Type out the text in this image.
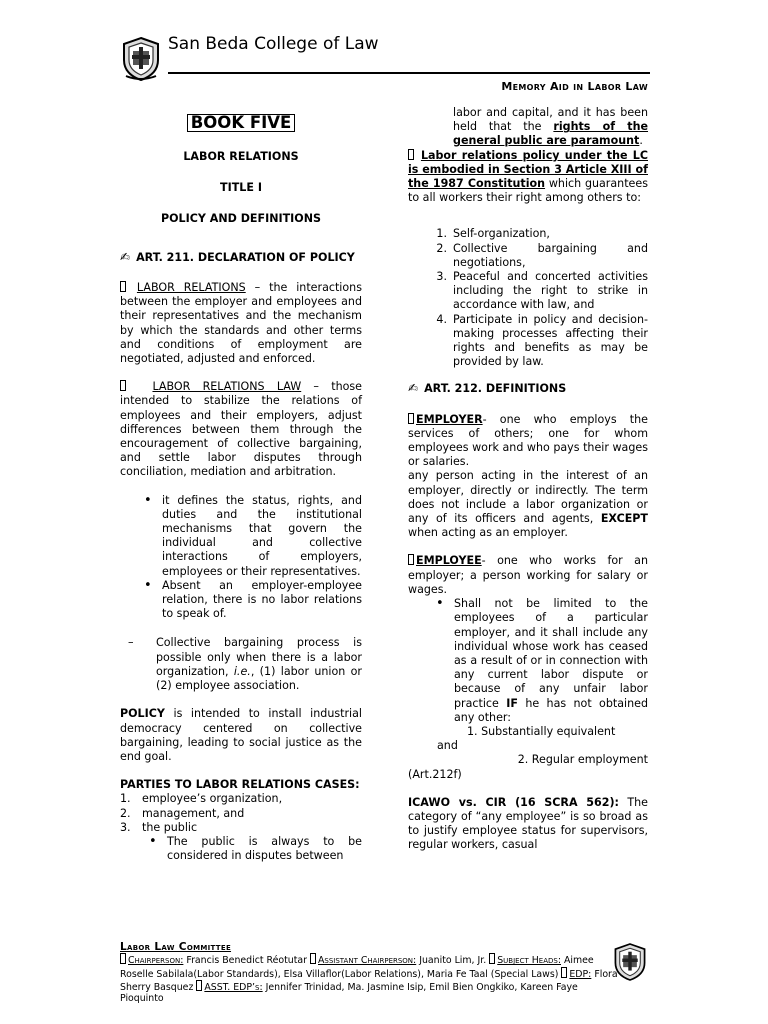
San Beda College of Law
Memory Aid in Labor Law
BOOK FIVE
LABOR RELATIONS
TITLE I
POLICY AND DEFINITIONS
✍ ART. 211. DECLARATION OF POLICY
LABOR RELATIONS – the interactions between the employer and employees and their representatives and the mechanism by which the standards and other terms and conditions of employment are negotiated, adjusted and enforced.
LABOR RELATIONS LAW – those intended to stabilize the relations of employees and their employers, adjust differences between them through the encouragement of collective bargaining, and settle labor disputes through conciliation, mediation and arbitration.
• it defines the status, rights, and duties and the institutional mechanisms that govern the individual and collective interactions of employers, employees or their representatives.
• Absent an employer-employee relation, there is no labor relations to speak of.
– Collective bargaining process is possible only when there is a labor organization, i.e., (1) labor union or (2) employee association.
POLICY is intended to install industrial democracy centered on collective bargaining, leading to social justice as the end goal.
PARTIES TO LABOR RELATIONS CASES:
1. employee’s organization,
2. management, and
3. the public
• The public is always to be considered in disputes between
labor and capital, and it has been held that the rights of the general public are paramount.
Labor relations policy under the LC is embodied in Section 3 Article XIII of the 1987 Constitution which guarantees to all workers their right among others to:
1. Self-organization,
2. Collective bargaining and negotiations,
3. Peaceful and concerted activities including the right to strike in accordance with law, and
4. Participate in policy and decision-making processes affecting their rights and benefits as may be provided by law.
✍ ART. 212. DEFINITIONS
EMPLOYER- one who employs the services of others; one for whom employees work and who pays their wages or salaries.
any person acting in the interest of an employer, directly or indirectly. The term does not include a labor organization or any of its officers and agents, EXCEPT when acting as an employer.
EMPLOYEE- one who works for an employer; a person working for salary or wages.
• Shall not be limited to the employees of a particular employer, and it shall include any individual whose work has ceased as a result of or in connection with any current labor dispute or because of any unfair labor practice IF he has not obtained any other:
1. Substantially equivalent
and
2. Regular employment
(Art.212f)
ICAWO vs. CIR (16 SCRA 562): The category of “any employee” is so broad as to justify employee status for supervisors, regular workers, casual
Labor Law Committee
Chairperson: Francis Benedict Réotutar Assistant Chairperson: Juanito Lim, Jr. Subject Heads: Aimee Roselle Sabilala(Labor Standards), Elsa Villaflor(Labor Relations), Maria Fe Taal (Special Laws) EDP: Flora Sherry Basquez ASST. EDP’s: Jennifer Trinidad, Ma. Jasmine Isip, Emil Bien Ongkiko, Kareen Faye Pioquinto
